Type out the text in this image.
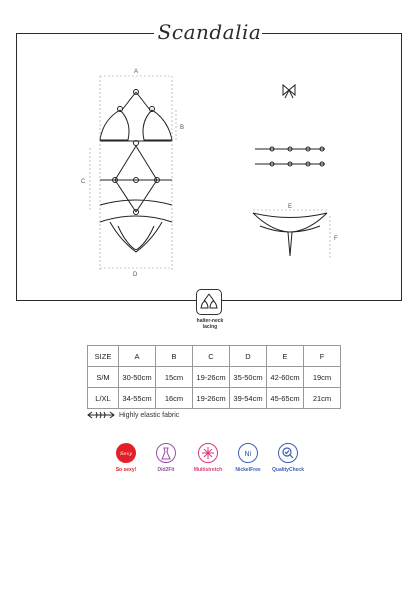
Scandalia
A
B
C
D
E
F
halter-neck
lacing
SIZE	A	B	C	D	E	F
S/M	30-50cm	15cm	19-26cm	35-50cm	42-60cm	19cm
L/XL	34-55cm	16cm	19-26cm	39-54cm	45-65cm	21cm
Highly elastic fabric
Sexy
So sexy!	Did2Fit	Multistretch
Ni
NickelFree	QualityCheck
